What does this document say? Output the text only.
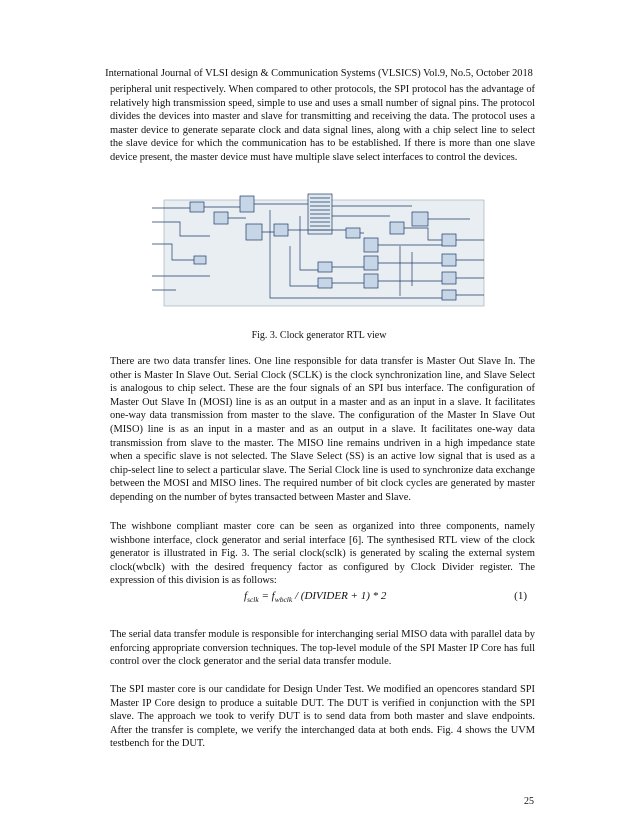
International Journal of VLSI design & Communication Systems (VLSICS) Vol.9, No.5, October 2018

peripheral unit respectively. When compared to other protocols, the SPI protocol has the advantage of relatively high transmission speed, simple to use and uses a small number of signal pins. The protocol divides the devices into master and slave for transmitting and receiving the data. The protocol uses a master device to generate separate clock and data signal lines, along with a chip select line to select the slave device for which the communication has to be established. If there is more than one slave device present, the master device must have multiple slave select interfaces to control the devices.

Fig. 3. Clock generator RTL view

There are two data transfer lines. One line responsible for data transfer is Master Out Slave In. The other is Master In Slave Out. Serial Clock (SCLK) is the clock synchronization line, and Slave Select is analogous to chip select. These are the four signals of an SPI bus interface. The configuration of Master Out Slave In (MOSI) line is as an output in a master and as an input in a slave. It facilitates one-way data transmission from master to the slave. The configuration of the Master In Slave Out (MISO) line is as an input in a master and as an output in a slave. It facilitates one-way data transmission from slave to the master. The MISO line remains undriven in a high impedance state when a specific slave is not selected. The Slave Select (SS) is an active low signal that is used as a chip-select line to select a particular slave. The Serial Clock line is used to synchronize data exchange between the MOSI and MISO lines. The required number of bit clock cycles are generated by master depending on the number of bytes transacted between Master and Slave.

The wishbone compliant master core can be seen as organized into three components, namely wishbone interface, clock generator and serial interface [6]. The synthesised RTL view of the clock generator is illustrated in Fig. 3. The serial clock(sclk) is generated by scaling the external system clock(wbclk) with the desired frequency factor as configured by Clock Divider register. The expression of this division is as follows:

$f_{sclk} = f_{wbclk}$ / (DIVIDER + 1) * 2	(1)

The serial data transfer module is responsible for interchanging serial MISO data with parallel data by enforcing appropriate conversion techniques. The top-level module of the SPI Master IP Core has full control over the clock generator and the serial data transfer module.

The SPI master core is our candidate for Design Under Test. We modified an opencores standard SPI Master IP Core design to produce a suitable DUT. The DUT is verified in conjunction with the SPI slave. The approach we took to verify DUT is to send data from both master and slave endpoints. After the transfer is complete, we verify the interchanged data at both ends. Fig. 4 shows the UVM testbench for the DUT.

25
